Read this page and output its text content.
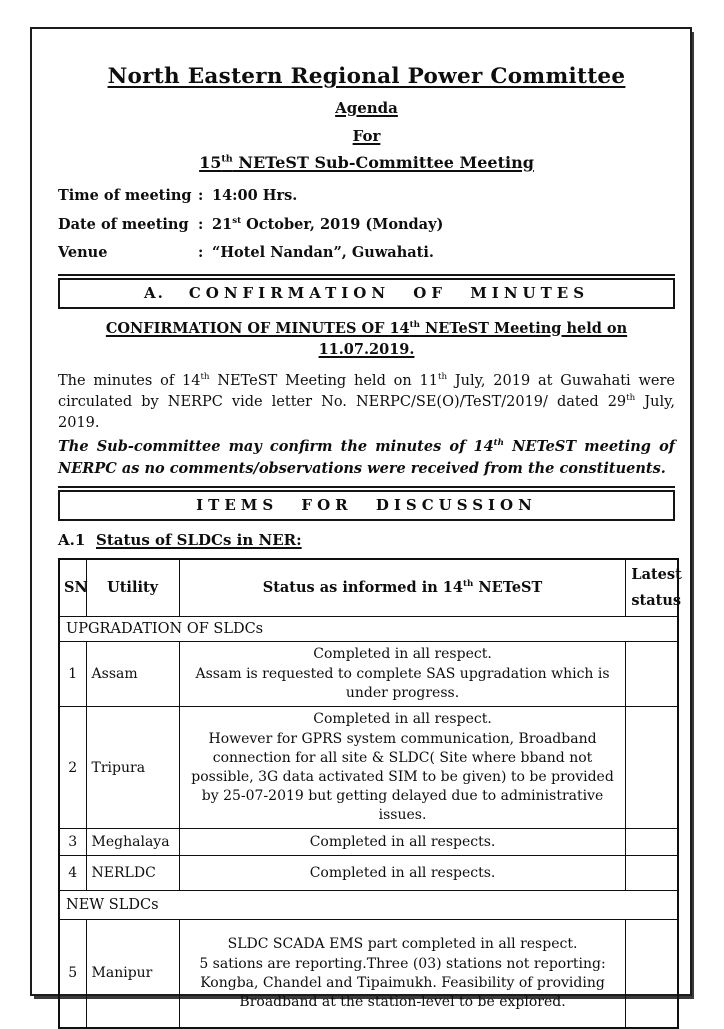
North Eastern Regional Power Committee
Agenda
For
15th NETeST Sub-Committee Meeting
Time of meeting : 14:00 Hrs.
Date of meeting : 21st October, 2019 (Monday)
Venue	: “Hotel Nandan”, Guwahati.
A. CONFIRMATION OF MINUTES
CONFIRMATION OF MINUTES OF 14th NETeST Meeting held on 11.07.2019.

The minutes of 14th NETeST Meeting held on 11th July, 2019 at Guwahati were circulated by NERPC vide letter No. NERPC/SE(O)/TeST/2019/ dated 29th July, 2019.

The Sub-committee may confirm the minutes of 14th NETeST meeting of NERPC as no comments/observations were received from the constituents.

ITEMS FOR DISCUSSION
A.1 Status of SLDCs in NER:
SN	Utility	Status as informed in 14th NETeST	Latest
status

UPGRADATION OF SLDCs			
1	Assam	Completed in all respect.
Assam is requested to complete SAS upgradation which is under progress.	

2	Tripura	Completed in all respect.
However for GPRS system communication, Broadband connection for all site & SLDC( Site where bband not possible, 3G data activated SIM to be given) to be provided by 25-07-2019 but getting delayed due to administrative issues.	

3	Meghalaya	Completed in all respects.	

4	NERLDC	Completed in all respects.	

NEW SLDCs			
5	Manipur	SLDC SCADA EMS part completed in all respect.
5 sations are reporting.Three (03) stations not reporting: Kongba, Chandel and Tipaimukh. Feasibility of providing Broadband at the station-level to be explored.	
